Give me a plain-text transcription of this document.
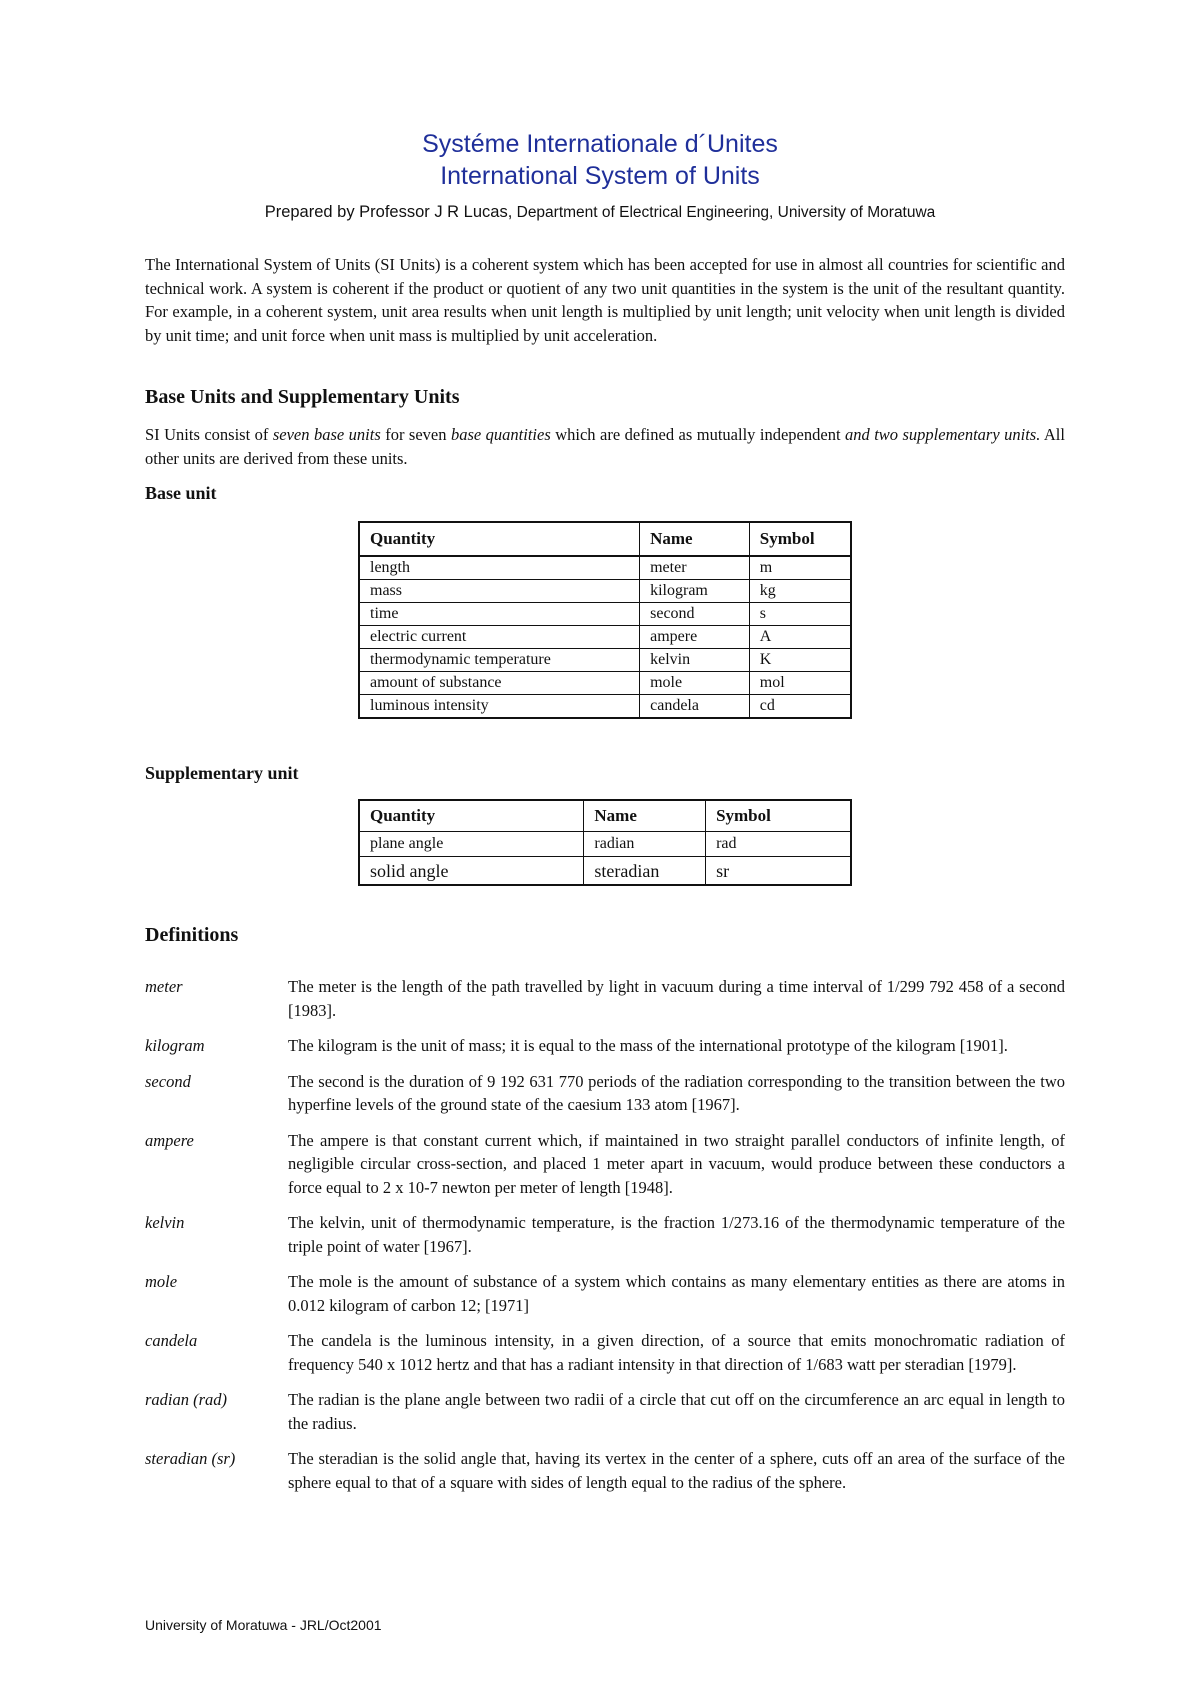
Systéme Internationale d´Unites
International System of Units
Prepared by Professor J R Lucas, Department of Electrical Engineering, University of Moratuwa

The International System of Units (SI Units) is a coherent system which has been accepted for use in almost all countries for scientific and technical work. A system is coherent if the product or quotient of any two unit quantities in the system is the unit of the resultant quantity. For example, in a coherent system, unit area results when unit length is multiplied by unit length; unit velocity when unit length is divided by unit time; and unit force when unit mass is multiplied by unit acceleration.

Base Units and Supplementary Units

SI Units consist of seven base units for seven base quantities which are defined as mutually independent and two supplementary units. All other units are derived from these units.

Base unit
Quantity	Name	Symbol
length	meter	m
mass	kilogram	kg
time	second	s
electric current	ampere	A
thermodynamic temperature	kelvin	K
amount of substance	mole	mol
luminous intensity	candela	cd
Supplementary unit
Quantity	Name	Symbol
plane angle	radian	rad
solid angle	steradian	sr
Definitions
meter	The meter is the length of the path travelled by light in vacuum during a time interval of 1/299 792 458 of a second [1983].
kilogram	The kilogram is the unit of mass; it is equal to the mass of the international prototype of the kilogram [1901].
second	The second is the duration of 9 192 631 770 periods of the radiation corresponding to the transition between the two hyperfine levels of the ground state of the caesium 133 atom [1967].
ampere	The ampere is that constant current which, if maintained in two straight parallel conductors of infinite length, of negligible circular cross-section, and placed 1 meter apart in vacuum, would produce between these conductors a force equal to 2 x 10-7 newton per meter of length [1948].
kelvin	The kelvin, unit of thermodynamic temperature, is the fraction 1/273.16 of the thermodynamic temperature of the triple point of water [1967].
mole	The mole is the amount of substance of a system which contains as many elementary entities as there are atoms in 0.012 kilogram of carbon 12; [1971]
candela	The candela is the luminous intensity, in a given direction, of a source that emits monochromatic radiation of frequency 540 x 1012 hertz and that has a radiant intensity in that direction of 1/683 watt per steradian [1979].
radian (rad)	The radian is the plane angle between two radii of a circle that cut off on the circumference an arc equal in length to the radius.
steradian (sr)	The steradian is the solid angle that, having its vertex in the center of a sphere, cuts off an area of the surface of the sphere equal to that of a square with sides of length equal to the radius of the sphere.
University of Moratuwa - JRL/Oct2001
